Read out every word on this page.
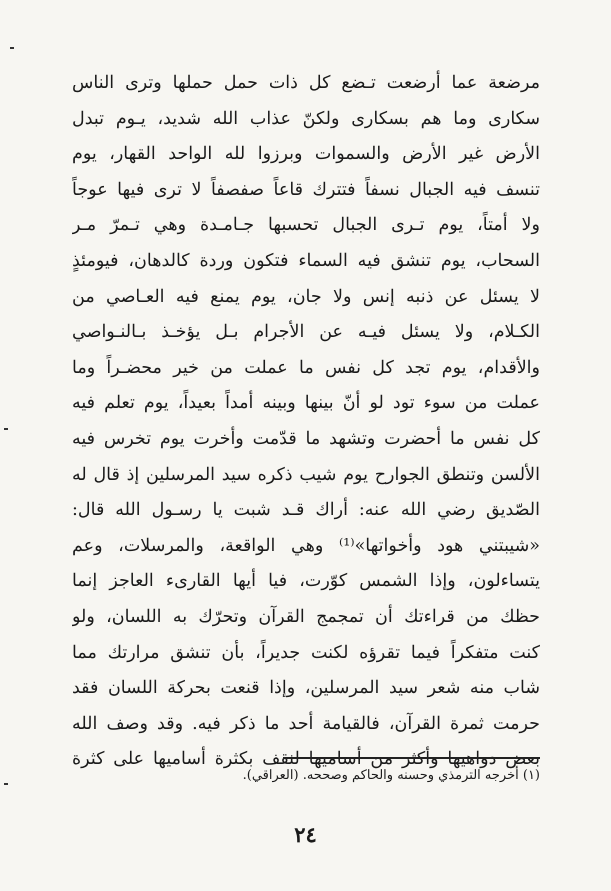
مرضعة عما أرضعت تـضع كل ذات حمل حملها وترى الناس
سكارى وما هم بسكارى ولكنّ عذاب الله شديد، يـوم تبدل
الأرض غير الأرض والسموات وبرزوا لله الواحد القهار، يوم
تنسف فيه الجبال نسفاً فتترك قاعاً صفصفاً لا ترى فيها عوجاً
ولا أمتاً، يوم تـرى الجبال تحسبها جـامـدة وهي تـمرّ مـر
السحاب، يوم تنشق فيه السماء فتكون وردة كالدهان، فيومئذٍ
لا يسئل عن ذنبه إنس ولا جان، يوم يمنع فيه العـاصي من
الكـلام، ولا يسئل فيـه عن الأجرام بـل يؤخـذ بـالنـواصي
والأقدام، يوم تجد كل نفس ما عملت من خير محضـراً وما
عملت من سوء تود لو أنّ بينها وبينه أمداً بعيداً، يوم تعلم فيه
كل نفس ما أحضرت وتشهد ما قدّمت وأخرت يوم تخرس فيه
الألسن وتنطق الجوارح يوم شيب ذكره سيد المرسلين إذ قال له
الصّديق رضي الله عنه: أراك قـد شبت يا رسـول الله قال:
«شيبتني هود وأخواتها»⁽¹⁾ وهي الواقعة، والمرسلات، وعم
يتساءلون، وإذا الشمس كوّرت، فيا أيها القارىء العاجز إنما
حظك من قراءتك أن تمجمج القرآن وتحرّك به اللسان، ولو
كنت متفكراً فيما تقرؤه لكنت جديراً، بأن تنشق مرارتك مما
شاب منه شعر سيد المرسلين، وإذا قنعت بحركة اللسان فقد
حرمت ثمرة القرآن، فالقيامة أحد ما ذكر فيه. وقد وصف الله
بعض دواهيها وأكثر من أساميها لنقف بكثرة أساميها على كثرة
(١) أخرجه الترمذي وحسنه والحاكم وصححه. (العراقي).
٢٤
